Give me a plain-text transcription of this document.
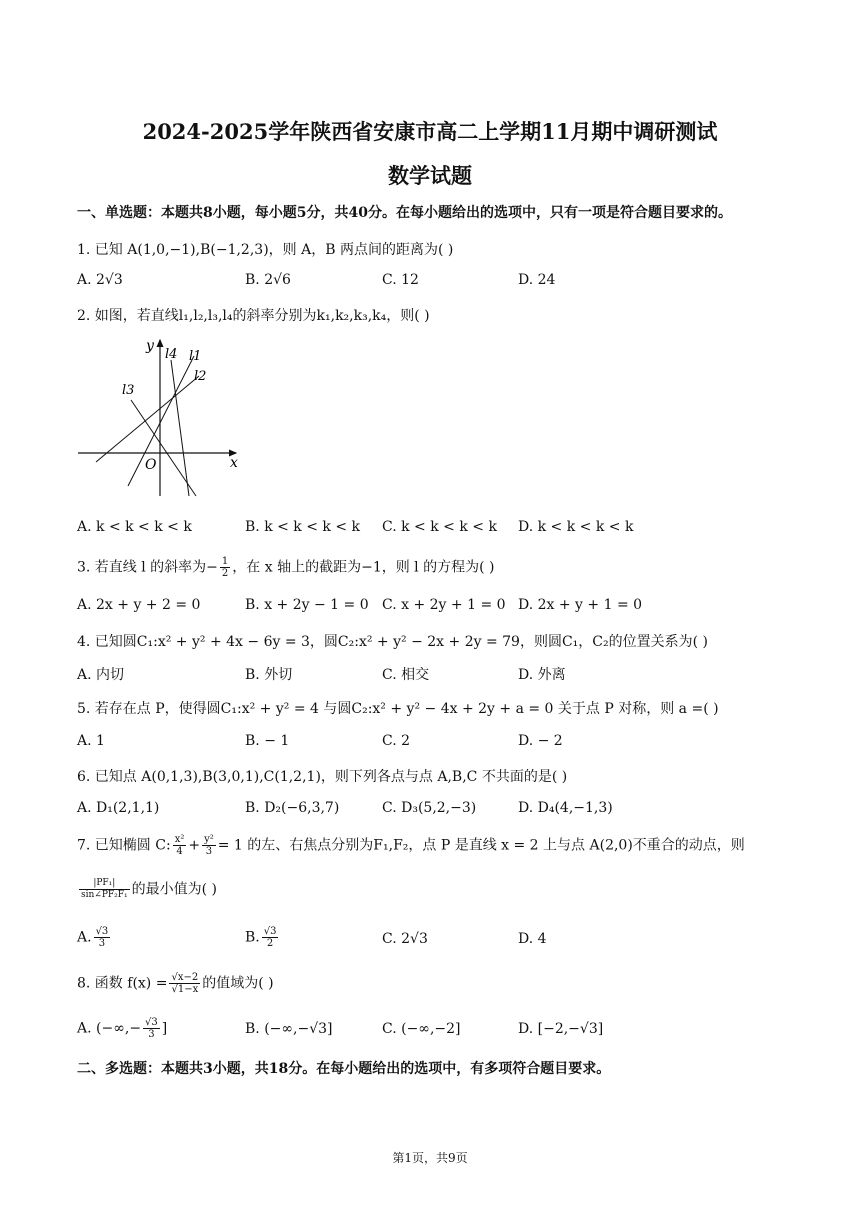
2024-2025学年陕西省安康市高二上学期11月期中调研测试
数学试题
一、单选题：本题共8小题，每小题5分，共40分。在每小题给出的选项中，只有一项是符合题目要求的。
1. 已知 A(1,0,−1),B(−1,2,3)，则 A，B 两点间的距离为( )
A. 2√3	B. 2√6	C. 12	D. 24
2. 如图，若直线l₁,l₂,l₃,l₄的斜率分别为k₁,k₂,k₃,k₄，则( )
y
x
O
l4 l1
l2
l3
A. k < k < k < k	B. k < k < k < k C. k < k < k < k D. k < k < k < k
3. 若直线 l 的斜率为− $\frac{1}{2}$ ，在 x 轴上的截距为−1，则 l 的方程为( )
A. 2x + y + 2 = 0	B. x + 2y − 1 = 0 C. x + 2y + 1 = 0 D. 2x + y + 1 = 0
4. 已知圆C₁:x² + y² + 4x − 6y = 3，圆C₂:x² + y² − 2x + 2y = 79，则圆C₁，C₂的位置关系为( )
A. 内切	B. 外切	C. 相交	D. 外离
5. 若存在点 P，使得圆C₁:x² + y² = 4 与圆C₂:x² + y² − 4x + 2y + a = 0 关于点 P 对称，则 a =( )
A. 1	B. − 1	C. 2	D. − 2
6. 已知点 A(0,1,3),B(3,0,1),C(1,2,1)，则下列各点与点 A,B,C 不共面的是( )
A. D₁(2,1,1)	B. D₂(−6,3,7)	C. D₃(5,2,−3)	D. D₄(4,−1,3)
7. 已知椭圆 C: $\frac{\text{x²}}{4} + \frac{\text{y²}}{3} = 1$ 的左、右焦点分别为F₁,F₂，点 P 是直线 x = 2 上与点 A(2,0)不重合的动点，则
$\frac{\text{|PF₁|}}{\text{sin∠PF₂F₁}}$ 的最小值为( )
A. $\frac{√3}{3}$	B. $\frac{√3}{2}$	C. 2√3	D. 4
8. 函数 $f(x) = \frac{√x-2}{√1-x}$ 的值域为( )
A. (−∞,− $\frac{√3}{3}$ ]	B. (−∞,−√3]	C. (−∞,−2]	D. [−2,−√3]
二、多选题：本题共3小题，共18分。在每小题给出的选项中，有多项符合题目要求。
第1页，共9页
